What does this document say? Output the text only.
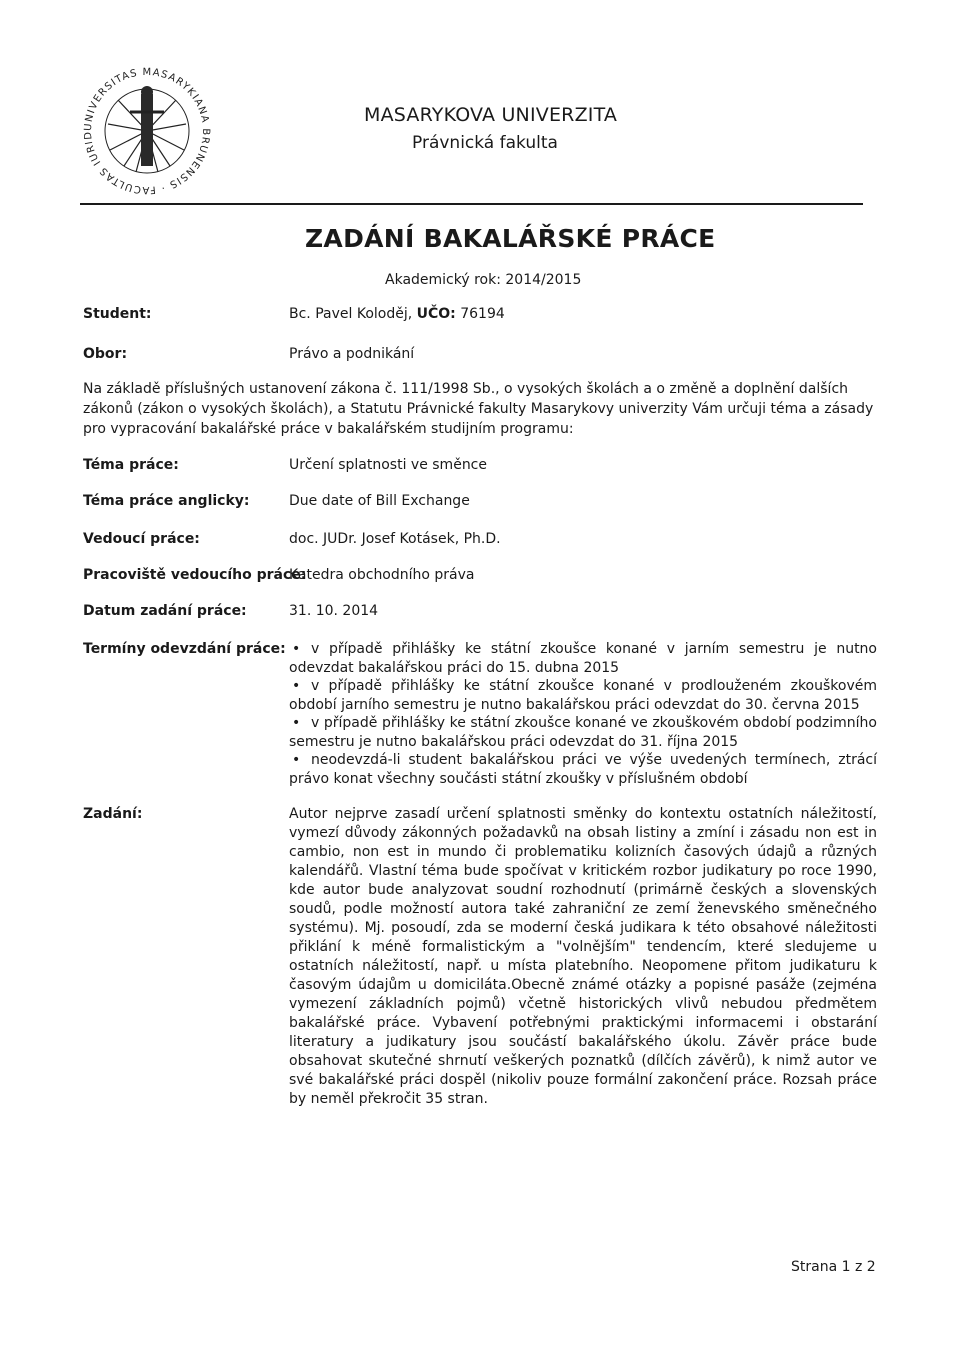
UNIVERSITAS MASARYKIANA BRUNENSIS · FACULTAS IURID
MASARYKOVA UNIVERZITA
Právnická fakulta
ZADÁNÍ BAKALÁŘSKÉ PRÁCE
Akademický rok: 2014/2015
Student:	Bc. Pavel Koloděj, UČO: 76194
Obor:	Právo a podnikání
Na základě příslušných ustanovení zákona č. 111/1998 Sb., o vysokých školách a o změně a doplnění dalších zákonů (zákon o vysokých školách), a Statutu Právnické fakulty Masarykovy univerzity Vám určuji téma a zásady pro vypracování bakalářské práce v bakalářském studijním programu:
Téma práce:	Určení splatnosti ve směnce
Téma práce anglicky:	Due date of Bill Exchange
Vedoucí práce:	doc. JUDr. Josef Kotásek, Ph.D.
Pracoviště vedoucího práce:
Katedra obchodního práva
Datum zadání práce:	31. 10. 2014
Termíny odevzdání práce:
•	v případě přihlášky ke státní zkoušce konané v jarním semestru je nutno odevzdat bakalářskou práci do 15. dubna 2015
• v případě přihlášky ke státní zkoušce konané v prodlouženém zkouškovém období jarního semestru je nutno bakalářskou práci odevzdat do 30. června 2015
• v případě přihlášky ke státní zkoušce konané ve zkouškovém období podzimního semestru je nutno bakalářskou práci odevzdat do 31. října 2015
• neodevzdá-li student bakalářskou práci ve výše uvedených termínech, ztrácí právo konat všechny součásti státní zkoušky v příslušném období
Zadání:	Autor nejprve zasadí určení splatnosti směnky do kontextu ostatních náležitostí, vymezí důvody zákonných požadavků na obsah listiny a zmíní i zásadu non est in cambio, non est in mundo či problematiku kolizních časových údajů a různých kalendářů. Vlastní téma bude spočívat v kritickém rozbor judikatury po roce 1990, kde autor bude analyzovat soudní rozhodnutí (primárně českých a slovenských soudů, podle možností autora také zahraniční ze zemí ženevského směnečného systému). Mj. posoudí, zda se moderní česká judikara k této obsahové náležitosti přiklání k méně formalistickým a "volnějším" tendencím, které sledujeme u ostatních náležitostí, např. u místa platebního. Neopomene přitom judikaturu k časovým údajům u domiciláta.Obecně známé otázky a popisné pasáže (zejména vymezení základních pojmů) včetně historických vlivů nebudou předmětem bakalářské práce. Vybavení potřebnými praktickými informacemi i obstarání literatury a judikatury jsou součástí bakalářského úkolu. Závěr práce bude obsahovat skutečné shrnutí veškerých poznatků (dílčích závěrů), k nimž autor ve své bakalářské práci dospěl (nikoliv pouze formální zakončení práce. Rozsah práce by neměl překročit 35 stran.

Strana 1 z 2
